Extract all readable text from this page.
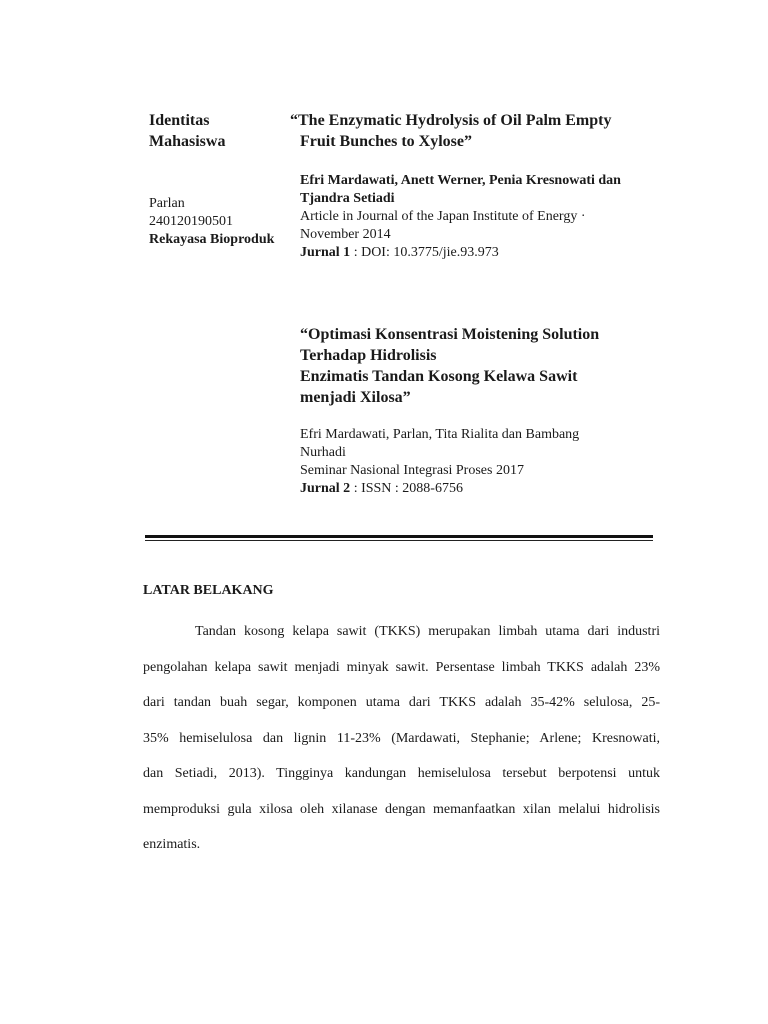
Identitas
Mahasiswa
Parlan
240120190501
Rekayasa Bioproduk
“The Enzymatic Hydrolysis of Oil Palm Empty
Fruit Bunches to Xylose”
Efri Mardawati, Anett Werner, Penia Kresnowati dan
Tjandra Setiadi
Article in Journal of the Japan Institute of Energy ·
November 2014
Jurnal 1 : DOI: 10.3775/jie.93.973
“Optimasi Konsentrasi Moistening Solution
Terhadap Hidrolisis
Enzimatis Tandan Kosong Kelawa Sawit
menjadi Xilosa”
Efri Mardawati, Parlan, Tita Rialita dan Bambang
Nurhadi
Seminar Nasional Integrasi Proses 2017
Jurnal 2 : ISSN : 2088-6756
LATAR BELAKANG
Tandan kosong kelapa sawit (TKKS) merupakan limbah utama dari industri
pengolahan kelapa sawit menjadi minyak sawit. Persentase limbah TKKS adalah 23%
dari tandan buah segar, komponen utama dari TKKS adalah 35-42% selulosa, 25-
35% hemiselulosa dan lignin 11-23% (Mardawati, Stephanie; Arlene; Kresnowati,
dan Setiadi, 2013). Tingginya kandungan hemiselulosa tersebut berpotensi untuk
memproduksi gula xilosa oleh xilanase dengan memanfaatkan xilan melalui hidrolisis
enzimatis.
